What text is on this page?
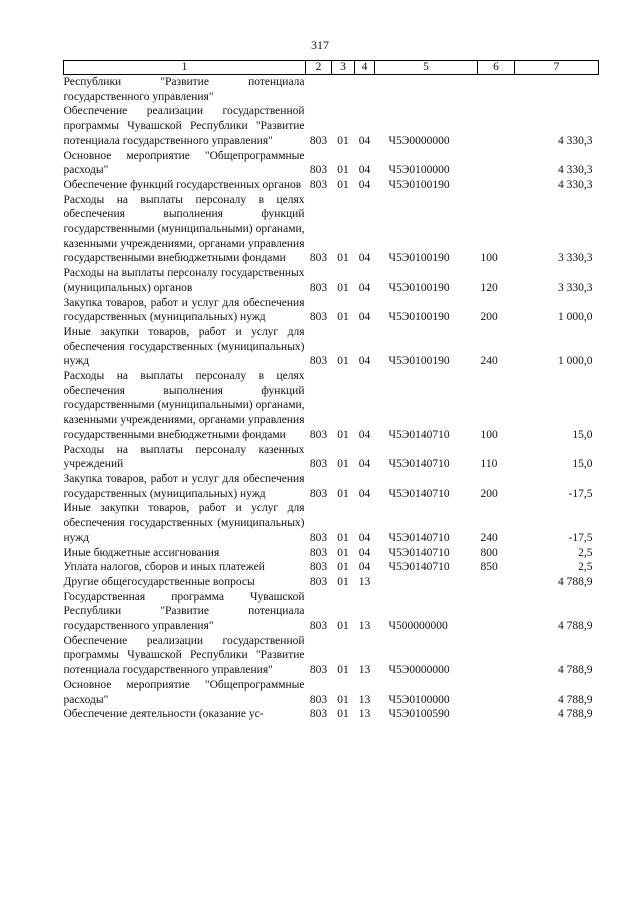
317
1	2	3	4	5	6	7
Республики "Развитие потенциала государственного управления"						
Обеспечение реализации государственной программы Чувашской Республики "Развитие потенциала государственного управления"	803	01	04	Ч5Э0000000		4 330,3
Основное мероприятие "Общепрограммные расходы"	803	01	04	Ч5Э0100000		4 330,3
Обеспечение функций государственных органов	803	01	04	Ч5Э0100190		4 330,3
Расходы на выплаты персоналу в целях обеспечения выполнения функций государственными (муниципальными) органами, казенными учреждениями, органами управления государственными внебюджетными фондами	803	01	04	Ч5Э0100190	100	3 330,3
Расходы на выплаты персоналу государственных (муниципальных) органов	803	01	04	Ч5Э0100190	120	3 330,3
Закупка товаров, работ и услуг для обеспечения государственных (муниципальных) нужд	803	01	04	Ч5Э0100190	200	1 000,0
Иные закупки товаров, работ и услуг для обеспечения государственных (муниципальных) нужд	803	01	04	Ч5Э0100190	240	1 000,0
Расходы на выплаты персоналу в целях обеспечения выполнения функций государственными (муниципальными) органами, казенными учреждениями, органами управления государственными внебюджетными фондами	803	01	04	Ч5Э0140710	100	15,0
Расходы на выплаты персоналу казенных учреждений	803	01	04	Ч5Э0140710	110	15,0
Закупка товаров, работ и услуг для обеспечения государственных (муниципальных) нужд	803	01	04	Ч5Э0140710	200	-17,5
Иные закупки товаров, работ и услуг для обеспечения государственных (муниципальных) нужд	803	01	04	Ч5Э0140710	240	-17,5
Иные бюджетные ассигнования	803	01	04	Ч5Э0140710	800	2,5
Уплата налогов, сборов и иных платежей	803	01	04	Ч5Э0140710	850	2,5
Другие общегосударственные вопросы	803	01	13			4 788,9
Государственная программа Чувашской Республики "Развитие потенциала государственного управления"	803	01	13	Ч500000000		4 788,9
Обеспечение реализации государственной программы Чувашской Республики "Развитие потенциала государственного управления"	803	01	13	Ч5Э0000000		4 788,9
Основное мероприятие "Общепрограммные расходы"	803	01	13	Ч5Э0100000		4 788,9
Обеспечение деятельности (оказание ус-	803	01	13	Ч5Э0100590		4 788,9
